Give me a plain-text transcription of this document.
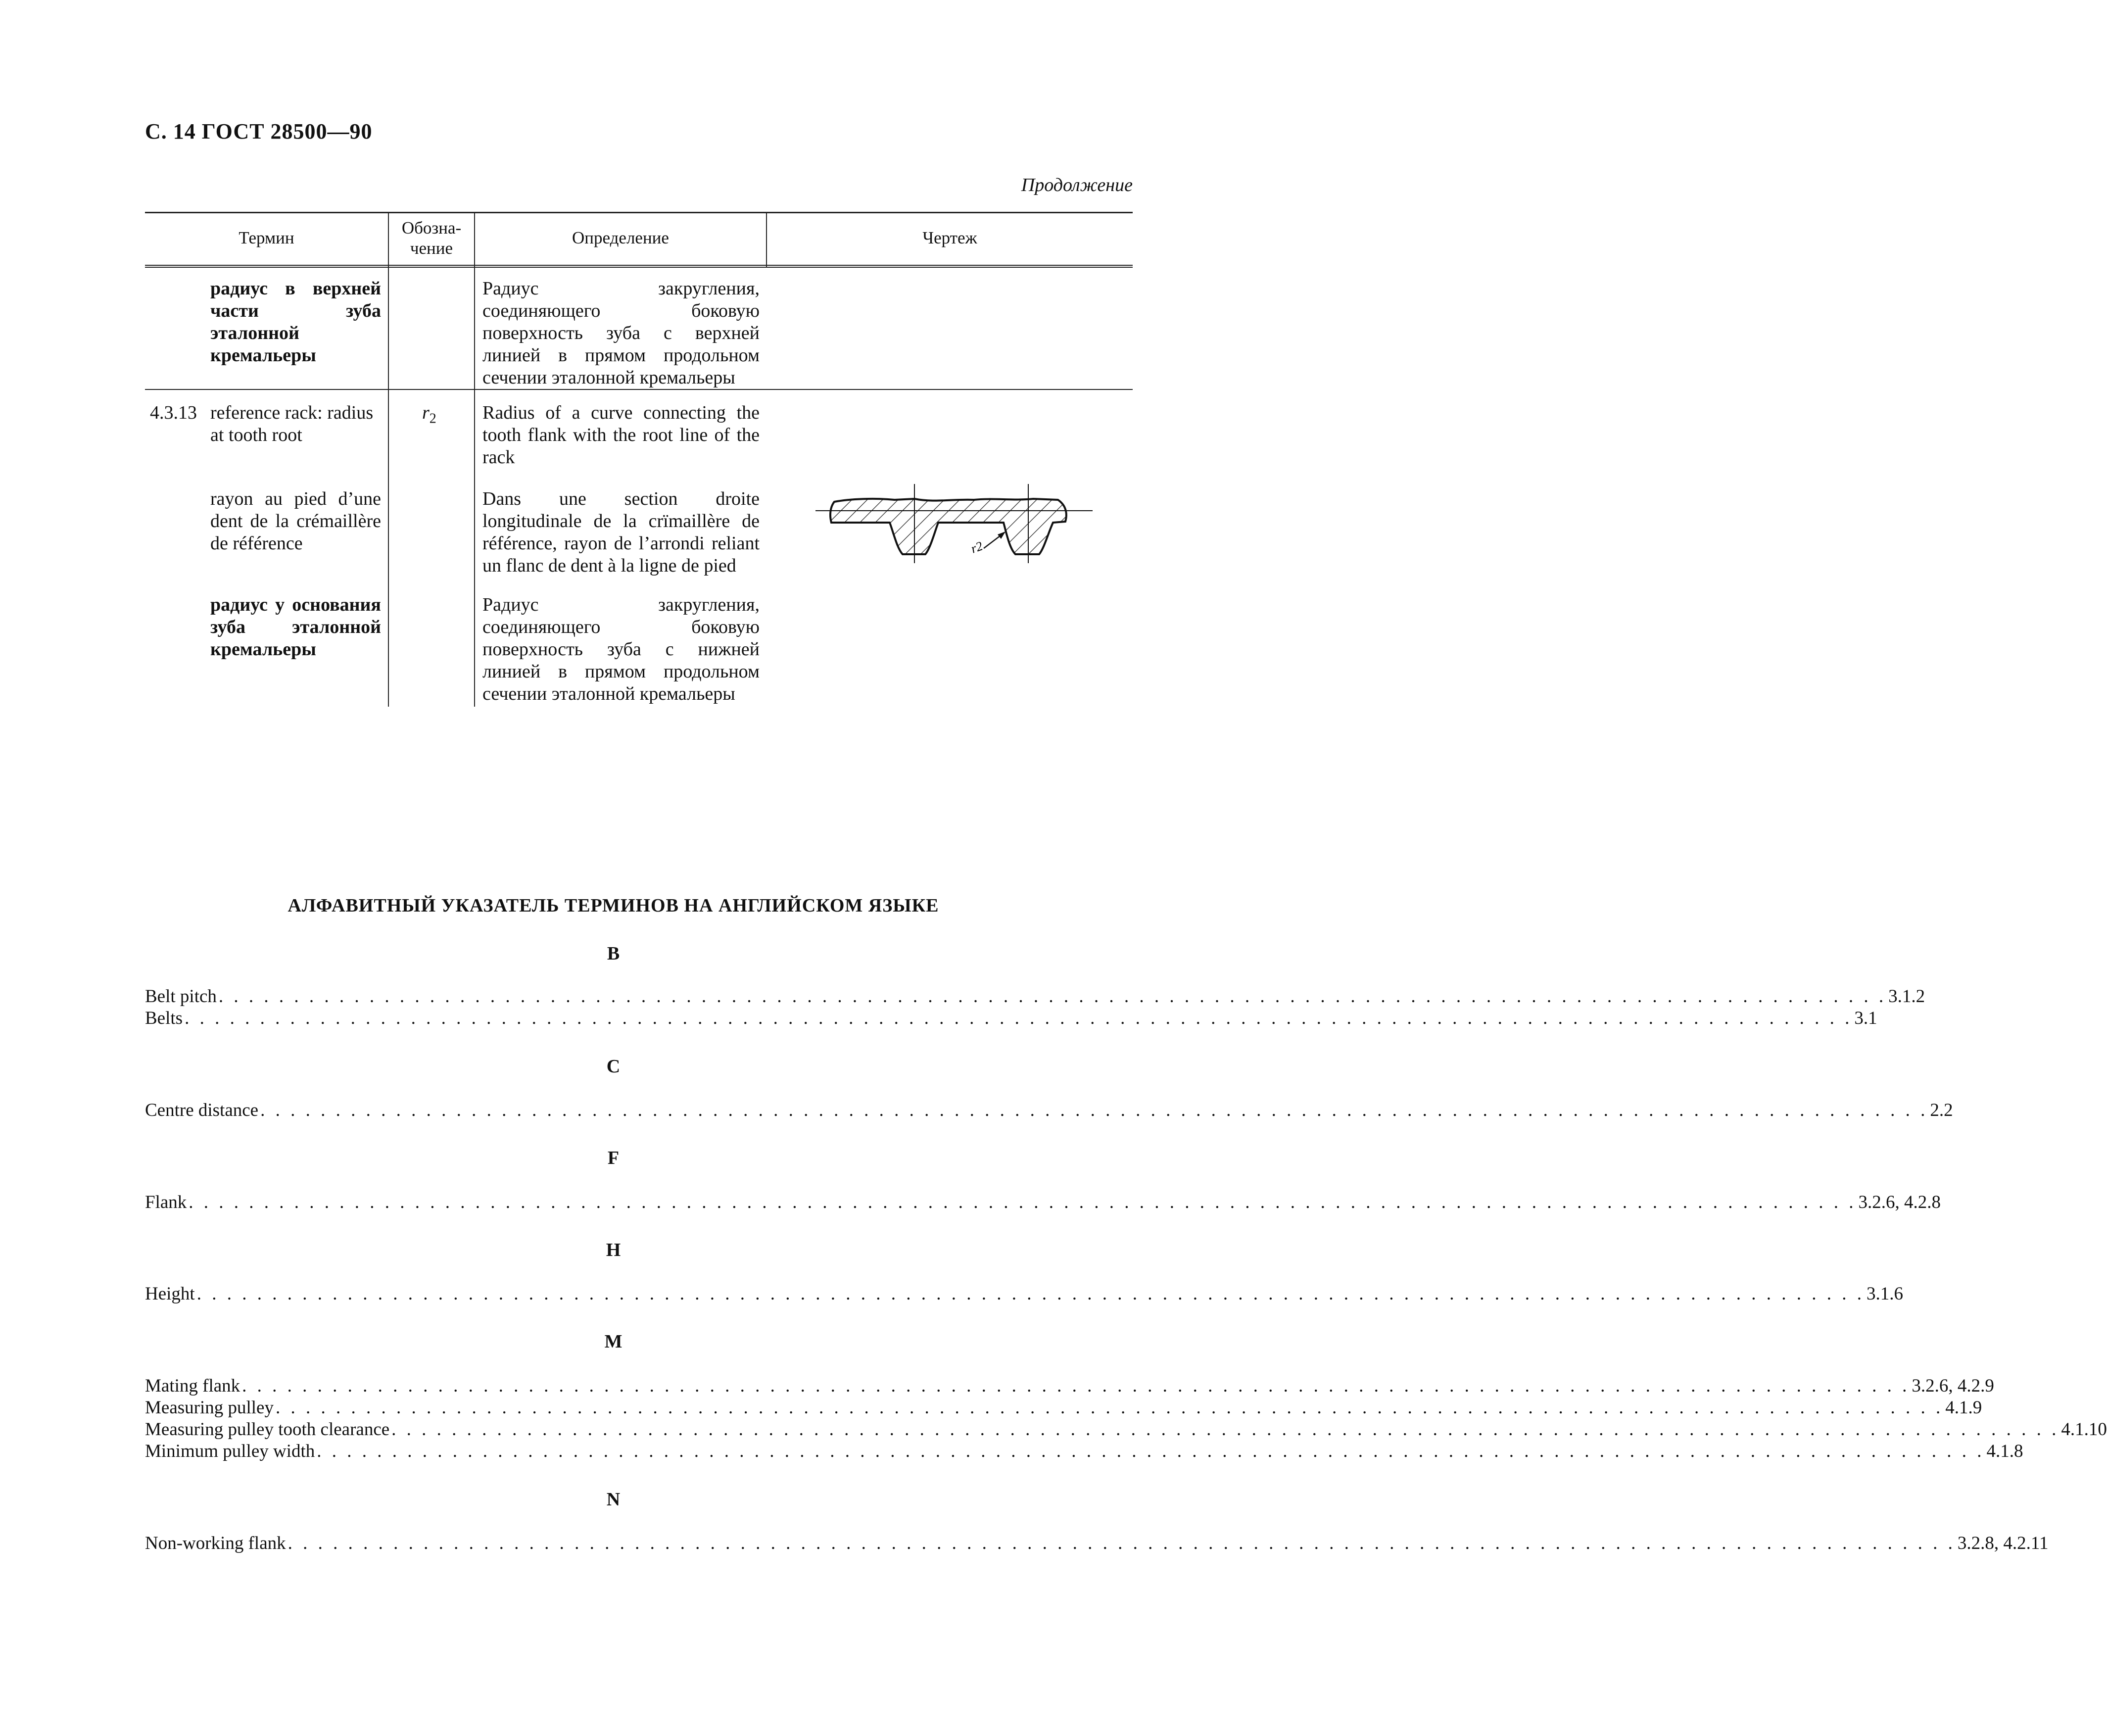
С. 14 ГОСТ 28500—90
Продолжение
Термин
Обозна-
чение
Определение	Чертеж
радиус в верхней части зуба эталонной кремальеры
Радиус закругления, соединяющего боковую поверхность зуба с верхней линией в прямом продольном сечении эталонной кремальеры
4.3.13 reference rack: radius at tooth root
$r_2$ Radius of a curve connecting the tooth flank with the root line of the rack
rayon au pied d’une dent de la crémaillère de référence
Dans une section droite longitudinale de la crïmaillère de référence, rayon de l’arrondi reliant un flanc de dent à la ligne de pied
радиус у основания зуба эталонной кремальеры
Радиус закругления, соединяющего боковую поверхность зуба с нижней линией в прямом продольном сечении эталонной кремальеры
r2
АЛФАВИТНЫЙ УКАЗАТЕЛЬ ТЕРМИНОВ НА АНГЛИЙСКОМ ЯЗЫКЕ
B
Belt pitch . . . . . . . . . . . . . . . . . . . . . . . . . . . . . . . . . . . . . . . . . . . . . . . . . . . . . . . . . . . . . . . . . . . . . . . . . . . . . . . . . . . . . . . . . . . . . . . . . . . . . . . . . . . . . . . 3.1.2
Belts . . . . . . . . . . . . . . . . . . . . . . . . . . . . . . . . . . . . . . . . . . . . . . . . . . . . . . . . . . . . . . . . . . . . . . . . . . . . . . . . . . . . . . . . . . . . . . . . . . . . . . . . . . . . . . . 3.1
C
Centre distance . . . . . . . . . . . . . . . . . . . . . . . . . . . . . . . . . . . . . . . . . . . . . . . . . . . . . . . . . . . . . . . . . . . . . . . . . . . . . . . . . . . . . . . . . . . . . . . . . . . . . . . . . . . . . . . 2.2
F
Flank . . . . . . . . . . . . . . . . . . . . . . . . . . . . . . . . . . . . . . . . . . . . . . . . . . . . . . . . . . . . . . . . . . . . . . . . . . . . . . . . . . . . . . . . . . . . . . . . . . . . . . . . . . . . . . . 3.2.6, 4.2.8
H
Height . . . . . . . . . . . . . . . . . . . . . . . . . . . . . . . . . . . . . . . . . . . . . . . . . . . . . . . . . . . . . . . . . . . . . . . . . . . . . . . . . . . . . . . . . . . . . . . . . . . . . . . . . . . . . . . 3.1.6
M
Mating flank . . . . . . . . . . . . . . . . . . . . . . . . . . . . . . . . . . . . . . . . . . . . . . . . . . . . . . . . . . . . . . . . . . . . . . . . . . . . . . . . . . . . . . . . . . . . . . . . . . . . . . . . . . . . . . . 3.2.6, 4.2.9
Measuring pulley . . . . . . . . . . . . . . . . . . . . . . . . . . . . . . . . . . . . . . . . . . . . . . . . . . . . . . . . . . . . . . . . . . . . . . . . . . . . . . . . . . . . . . . . . . . . . . . . . . . . . . . . . . . . . . . 4.1.9
Measuring pulley tooth clearance . . . . . . . . . . . . . . . . . . . . . . . . . . . . . . . . . . . . . . . . . . . . . . . . . . . . . . . . . . . . . . . . . . . . . . . . . . . . . . . . . . . . . . . . . . . . . . . . . . . . . . . . . . . . . . . 4.1.10
Minimum pulley width . . . . . . . . . . . . . . . . . . . . . . . . . . . . . . . . . . . . . . . . . . . . . . . . . . . . . . . . . . . . . . . . . . . . . . . . . . . . . . . . . . . . . . . . . . . . . . . . . . . . . . . . . . . . . . . 4.1.8
N
Non-working flank . . . . . . . . . . . . . . . . . . . . . . . . . . . . . . . . . . . . . . . . . . . . . . . . . . . . . . . . . . . . . . . . . . . . . . . . . . . . . . . . . . . . . . . . . . . . . . . . . . . . . . . . . . . . . . . 3.2.8, 4.2.11
